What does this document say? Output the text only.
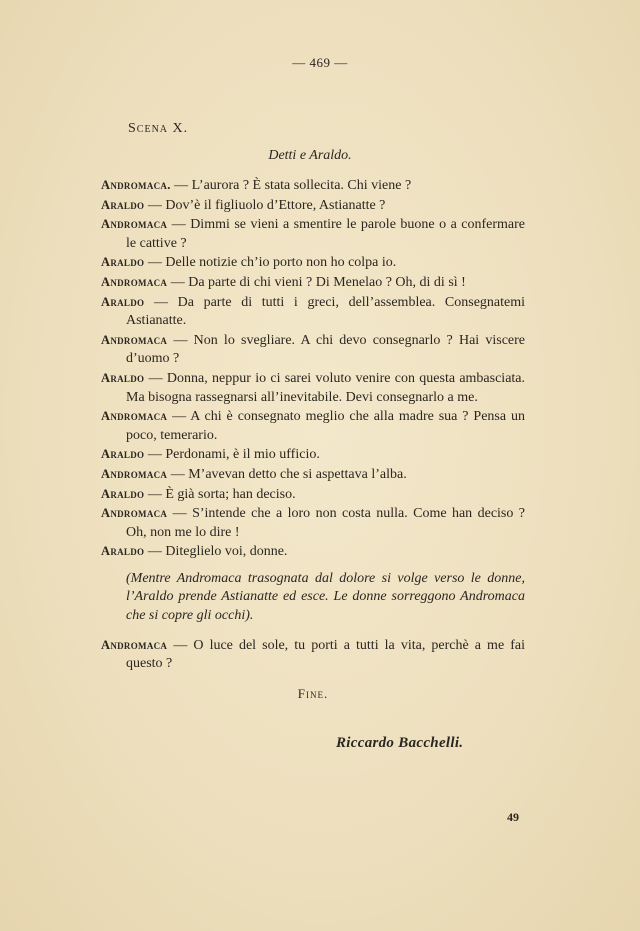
— 469 —
Scena X.
Detti e Araldo.

Andromaca. — L’aurora ? È stata sollecita. Chi viene ?

Araldo — Dov’è il figliuolo d’Ettore, Astianatte ?

Andromaca — Dimmi se vieni a smentire le parole buone o a confermare le cattive ?

Araldo — Delle notizie ch’io porto non ho colpa io.

Andromaca — Da parte di chi vieni ? Di Menelao ? Oh, di di sì !

Araldo — Da parte di tutti i greci, dell’assemblea. Consegnatemi Astianatte.

Andromaca — Non lo svegliare. A chi devo consegnarlo ? Hai viscere d’uomo ?

Araldo — Donna, neppur io ci sarei voluto venire con questa ambasciata. Ma bisogna rassegnarsi all’inevitabile. Devi consegnarlo a me.

Andromaca — A chi è consegnato meglio che alla madre sua ? Pensa un poco, temerario.

Araldo — Perdonami, è il mio ufficio.

Andromaca — M’avevan detto che si aspettava l’alba.

Araldo — È già sorta; han deciso.

Andromaca — S’intende che a loro non costa nulla. Come han deciso ? Oh, non me lo dire !

Araldo — Diteglielo voi, donne.

(Mentre Andromaca trasognata dal dolore si volge verso le donne, l’Araldo prende Astianatte ed esce. Le donne sorreggono Andromaca che si copre gli occhi).

Andromaca — O luce del sole, tu porti a tutti la vita, perchè a me fai questo ?

Fine.
Riccardo Bacchelli.
49
